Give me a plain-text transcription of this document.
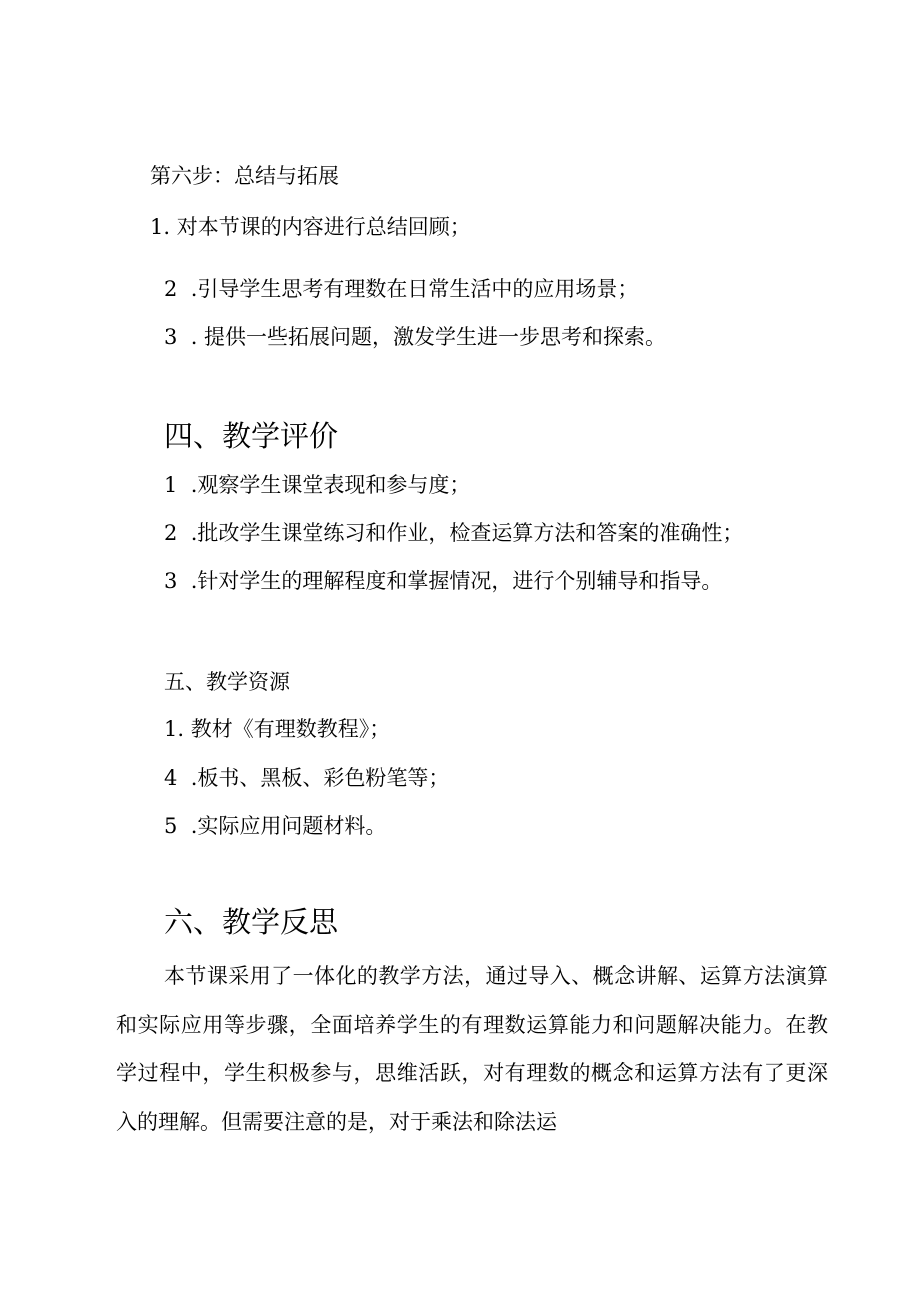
第六步：总结与拓展
1. 对本节课的内容进行总结回顾；
2  .引导学生思考有理数在日常生活中的应用场景；
3  . 提供一些拓展问题，激发学生进一步思考和探索。
四、教学评价
1  .观察学生课堂表现和参与度；
2  .批改学生课堂练习和作业，检查运算方法和答案的准确性；
3  .针对学生的理解程度和掌握情况，进行个别辅导和指导。
五、教学资源
1. 教材《有理数教程》；
4  .板书、黑板、彩色粉笔等；
5  .实际应用问题材料。
六、教学反思

本节课采用了一体化的教学方法，通过导入、概念讲解、运算方法演算和实际应用等步骤，全面培养学生的有理数运算能力和问题解决能力。在教学过程中，学生积极参与，思维活跃，对有理数的概念和运算方法有了更深入的理解。但需要注意的是，对于乘法和除法运
